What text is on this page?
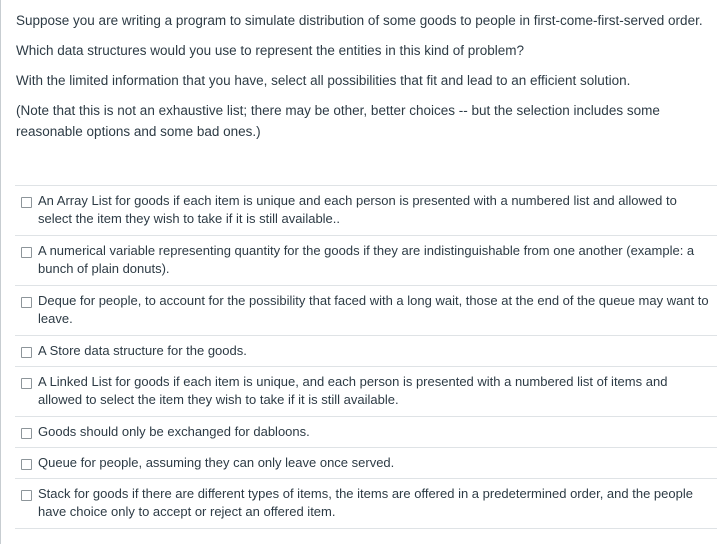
Suppose you are writing a program to simulate distribution of some goods to people in first-come-first-served order.

Which data structures would you use to represent the entities in this kind of problem?

With the limited information that you have, select all possibilities that fit and lead to an efficient solution.

(Note that this is not an exhaustive list; there may be other, better choices -- but the selection includes some reasonable options and some bad ones.)

An Array List for goods if each item is unique and each person is presented with a numbered list and allowed to select the item they wish to take if it is still available..
A numerical variable representing quantity for the goods if they are indistinguishable from one another (example: a bunch of plain donuts).
Deque for people, to account for the possibility that faced with a long wait, those at the end of the queue may want to leave.
A Store data structure for the goods.
A Linked List for goods if each item is unique, and each person is presented with a numbered list of items and allowed to select the item they wish to take if it is still available.
Goods should only be exchanged for dabloons.
Queue for people, assuming they can only leave once served.
Stack for goods if there are different types of items, the items are offered in a predetermined order, and the people have choice only to accept or reject an offered item.
